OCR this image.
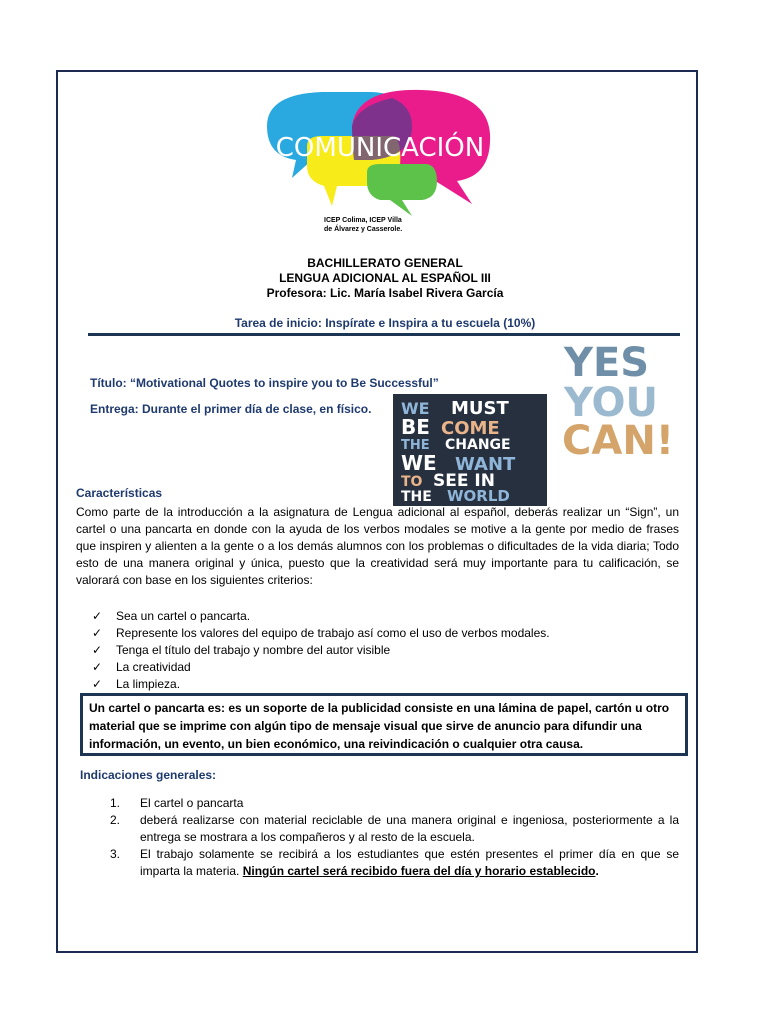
COMUNICACIÓN
ICEP Colima, ICEP Villa
de Álvarez y Casserole.
BACHILLERATO GENERAL
LENGUA ADICIONAL AL ESPAÑOL III
Profesora: Lic. María Isabel Rivera García
Tarea de inicio: Inspírate e Inspira a tu escuela (10%)
Título: “Motivational Quotes to inspire you to Be Successful”
Entrega: Durante el primer día de clase, en físico. WE MUST
BE COME
THE CHANGE
WE WANT
TO SEE IN
THE WORLD
YES
YOU
CAN!
Características
Como parte de la introducción a la asignatura de Lengua adicional al español, deberás realizar un “Sign”, un cartel o una pancarta en donde con la ayuda de los verbos modales se motive a la gente por medio de frases que inspiren y alienten a la gente o a los demás alumnos con los problemas o dificultades de la vida diaria; Todo esto de una manera original y única, puesto que la creatividad será muy importante para tu calificación, se valorará con base en los siguientes criterios:
✓	Sea un cartel o pancarta.
✓	Represente los valores del equipo de trabajo así como el uso de verbos modales.
✓	Tenga el título del trabajo y nombre del autor visible
✓	La creatividad
✓	La limpieza.
Un cartel o pancarta es: es un soporte de la publicidad consiste en una lámina de papel, cartón u otro material que se imprime con algún tipo de mensaje visual que sirve de anuncio para difundir una información, un evento, un bien económico, una reivindicación o cualquier otra causa.
Indicaciones generales:
1.	El cartel o pancarta
2.	deberá realizarse con material reciclable de una manera original e ingeniosa, posteriormente a la entrega se mostrara a los compañeros y al resto de la escuela.
3.	El trabajo solamente se recibirá a los estudiantes que estén presentes el primer día en que se imparta la materia. Ningún cartel será recibido fuera del día y horario establecido.
